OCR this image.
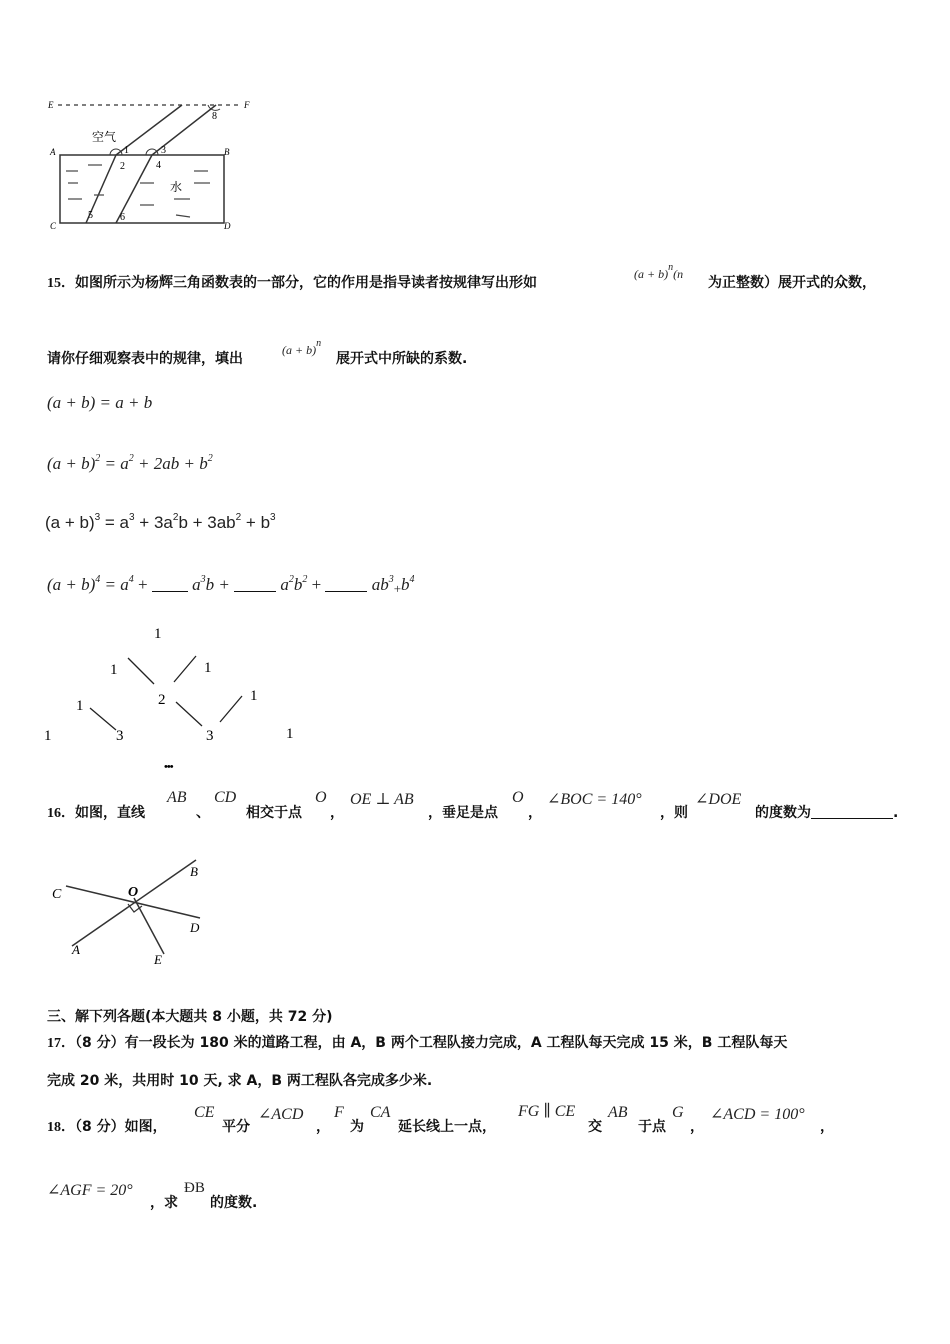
E	F
A	B
C	D
空气
水
1
2
3
4
5	6
8
15．如图所示为杨辉三角函数表的一部分，它的作用是指导读者按规律写出形如
$(a + b)^n(n$
为正整数）展开式的众数，
请你仔细观察表中的规律，填出
$(a + b)^n$
展开式中所缺的系数.
(a + b) = a + b
$(a + b)^2 = a^2 + 2ab + b^2$
$(a + b)^3 = a^3 + 3a^2b + 3ab^2 + b^3$
$(a + b)^4 = a^4$ +	$a^3b$ +	$a^2b^2$ +	$ab^3+b^4$
1
1	1
1	2	1
1	3	3	1
•••
16．如图，直线
AB
、
CD
相交于点
O
，
OE ⊥ AB
，垂足是点
O
，
∠BOC = 140°
，则
∠DOE
的度数为	.
C	O
B
D
A
E
三、解下列各题(本大题共 8 小题，共 72 分)
17．（8 分）有一段长为 180 米的道路工程，由 A，B 两个工程队接力完成，A 工程队每天完成 15 米，B 工程队每天
完成 20 米，共用时 10 天, 求 A，B 两工程队各完成多少米.
18．（8 分）如图，
CE
平分
∠ACD
，
F
为
CA
延长线上一点，
FG ∥ CE
交
AB
于点
G
，
∠ACD = 100°
，
∠AGF = 20°
，求
ÐB
的度数.
